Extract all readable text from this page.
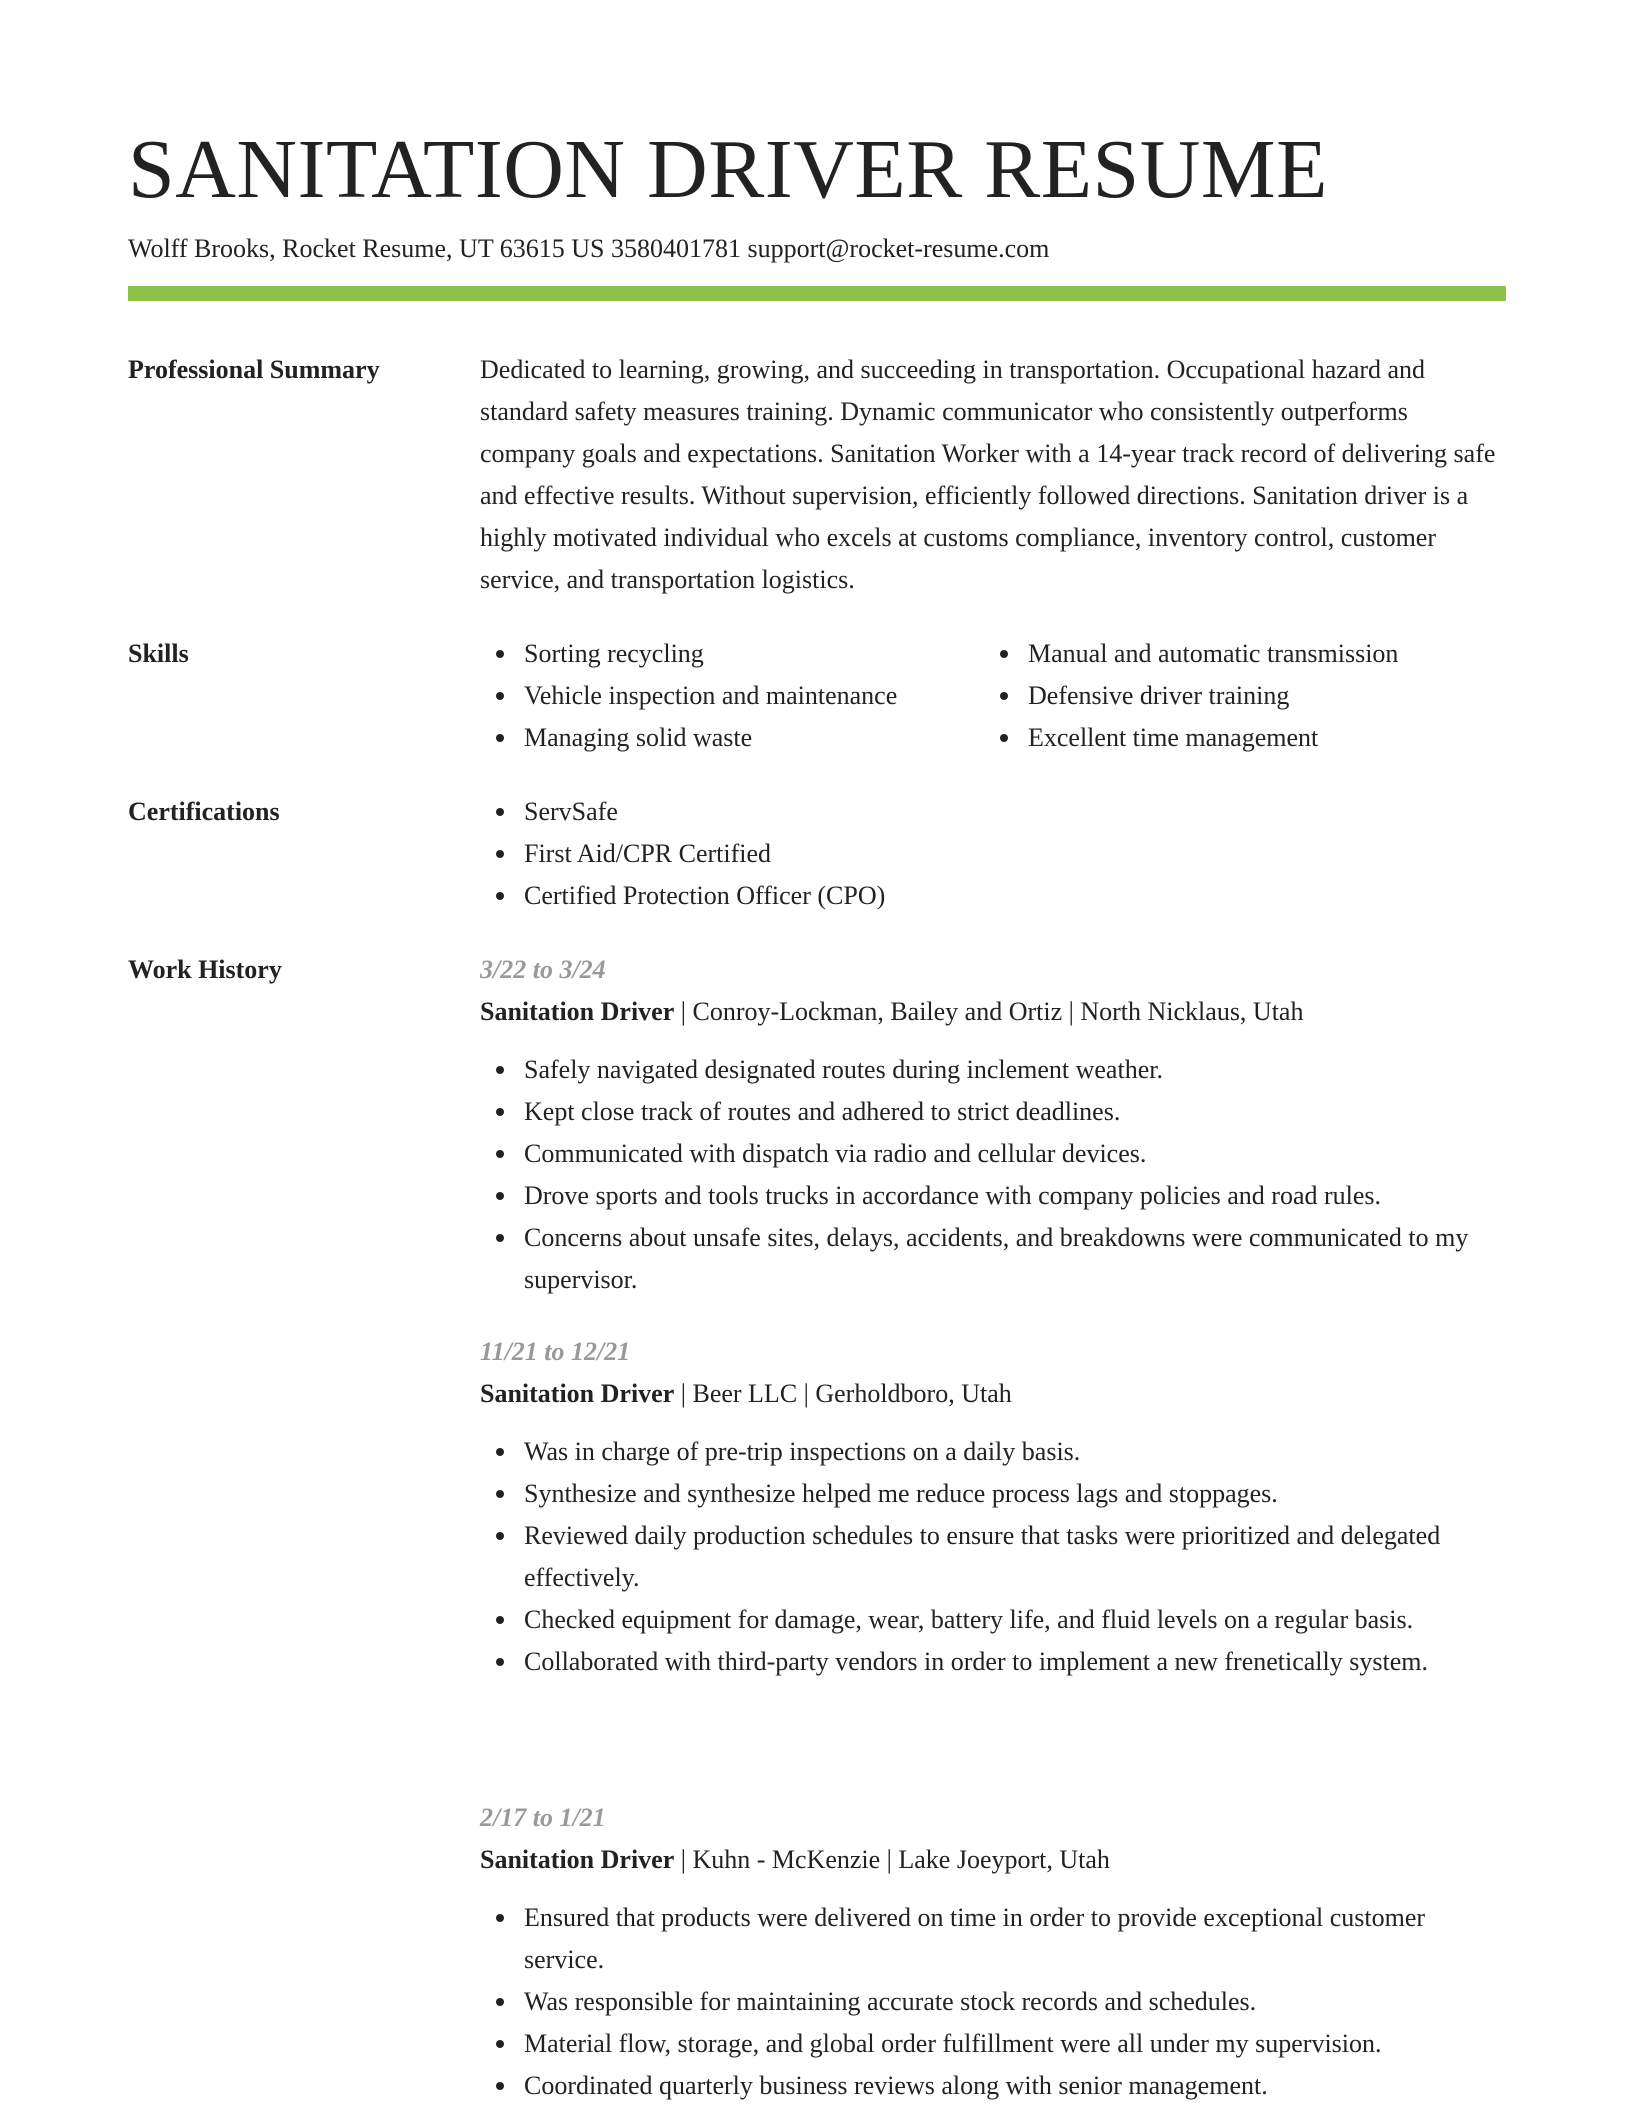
SANITATION DRIVER RESUME
Wolff Brooks, Rocket Resume, UT 63615 US 3580401781 support@rocket-resume.com
Professional Summary	Dedicated to learning, growing, and succeeding in transportation. Occupational hazard and standard safety measures training. Dynamic communicator who consistently outperforms company goals and expectations. Sanitation Worker with a 14-year track record of delivering safe and effective results. Without supervision, efficiently followed directions. Sanitation driver is a highly motivated individual who excels at customs compliance, inventory control, customer service, and transportation logistics.

Skills	Sorting recycling
Vehicle inspection and maintenance
Managing solid waste
Manual and automatic transmission
Defensive driver training
Excellent time management
Certifications	ServSafe
First Aid/CPR Certified
Certified Protection Officer (CPO)
Work History	3/22 to 3/24
Sanitation Driver | Conroy-Lockman, Bailey and Ortiz | North Nicklaus, Utah
Safely navigated designated routes during inclement weather.
Kept close track of routes and adhered to strict deadlines.
Communicated with dispatch via radio and cellular devices.
Drove sports and tools trucks in accordance with company policies and road rules.
Concerns about unsafe sites, delays, accidents, and breakdowns were communicated to my supervisor.
11/21 to 12/21
Sanitation Driver | Beer LLC | Gerholdboro, Utah
Was in charge of pre-trip inspections on a daily basis.
Synthesize and synthesize helped me reduce process lags and stoppages.
Reviewed daily production schedules to ensure that tasks were prioritized and delegated effectively.
Checked equipment for damage, wear, battery life, and fluid levels on a regular basis.
Collaborated with third-party vendors in order to implement a new frenetically system.
2/17 to 1/21
Sanitation Driver | Kuhn - McKenzie | Lake Joeyport, Utah
Ensured that products were delivered on time in order to provide exceptional customer service.
Was responsible for maintaining accurate stock records and schedules.
Material flow, storage, and global order fulfillment were all under my supervision.
Coordinated quarterly business reviews along with senior management.
